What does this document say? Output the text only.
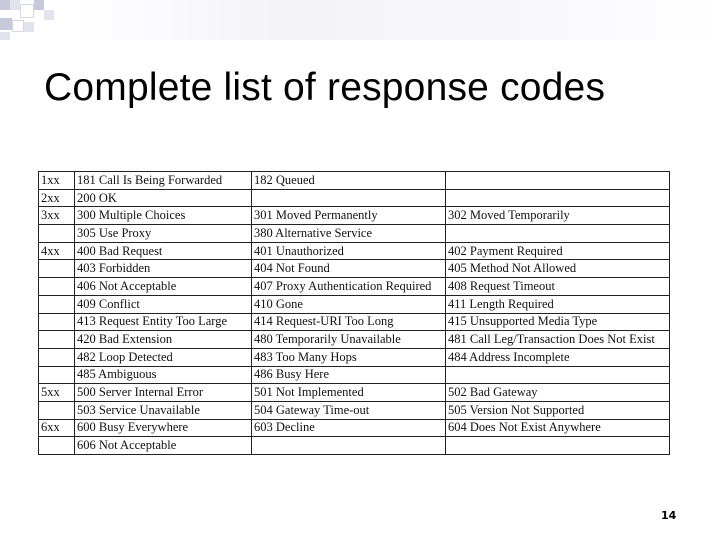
Complete list of response codes
1xx	181 Call Is Being Forwarded	182 Queued	
2xx	200 OK		
3xx	300 Multiple Choices	301 Moved Permanently	302 Moved Temporarily
	305 Use Proxy	380 Alternative Service	
4xx	400 Bad Request	401 Unauthorized	402 Payment Required
	403 Forbidden	404 Not Found	405 Method Not Allowed
	406 Not Acceptable	407 Proxy Authentication Required	408 Request Timeout
	409 Conflict	410 Gone	411 Length Required
	413 Request Entity Too Large	414 Request-URI Too Long	415 Unsupported Media Type
	420 Bad Extension	480 Temporarily Unavailable	481 Call Leg/Transaction Does Not Exist
	482 Loop Detected	483 Too Many Hops	484 Address Incomplete
	485 Ambiguous	486 Busy Here	
5xx	500 Server Internal Error	501 Not Implemented	502 Bad Gateway
	503 Service Unavailable	504 Gateway Time-out	505 Version Not Supported
6xx	600 Busy Everywhere	603 Decline	604 Does Not Exist Anywhere
	606 Not Acceptable		
14
